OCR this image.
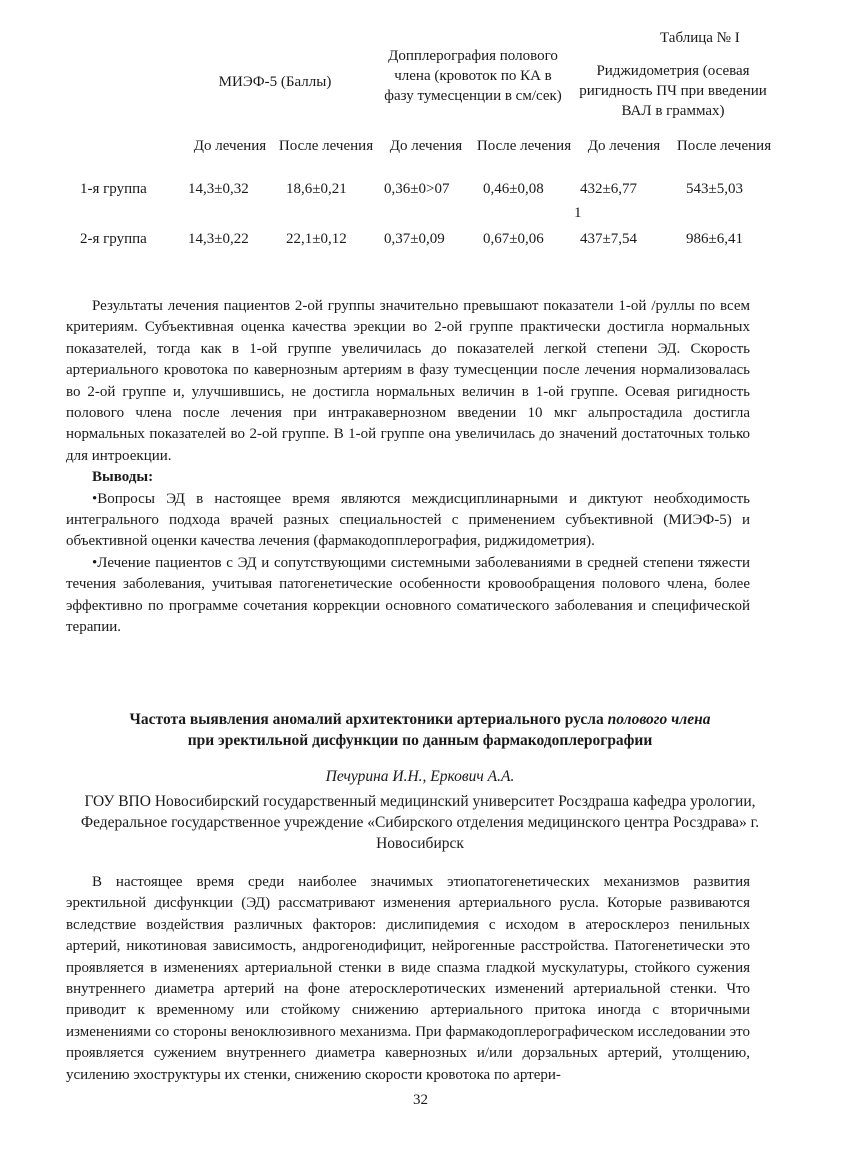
Таблица № I
МИЭФ-5 (Баллы)
Допплерография полового члена (кровоток по КА в фазу тумесценции в см/сек)
Риджидометрия (осевая ригидность ПЧ при введении ВАЛ в граммах)
До лечения После лечения	До лечения После лечения	До лечения	После лечения
1-я группа	14,3±0,32 18,6±0,21 0,36±0>07 0,46±0,08 432±6,77	543±5,03
1
2-я группа	14,3±0,22 22,1±0,12 0,37±0,09	0,67±0,06 437±7,54	986±6,41

Результаты лечения пациентов 2-ой группы значительно превышают показатели 1-ой /руллы по всем критериям. Субъективная оценка качества эрекции во 2-ой группе практически достигла нормальных показателей, тогда как в 1-ой группе увеличилась до показателей легкой степени ЭД. Скорость артериального кровотока по кавернозным артериям в фазу тумесценции после лечения нормализовалась во 2-ой группе и, улучшившись, не достигла нормальных величин в 1-ой группе. Осевая ригидность полового члена после лечения при интракавернозном введении 10 мкг альпростадила достигла нормальных показателей во 2-ой группе. В 1-ой группе она увеличилась до значений достаточных только для интроекции.

Выводы:

•Вопросы ЭД в настоящее время являются междисциплинарными и диктуют необходимость интегрального подхода врачей разных специальностей с применением субъективной (МИЭФ-5) и объективной оценки качества лечения (фармакодопплерография, риджидометрия).

•Лечение пациентов с ЭД и сопутствующими системными заболеваниями в средней степени тяжести течения заболевания, учитывая патогенетические особенности кровообращения полового члена, более эффективно по программе сочетания коррекции основного соматического заболевания и специфической терапии.

Частота выявления аномалий архитектоники артериального русла полового члена
при эректильной дисфункции по данным фармакодоплерографии
Печурина И.Н., Еркович А.А.
ГОУ ВПО Новосибирский государственный медицинский университет Росздраша кафедра урологии, Федеральное государственное учреждение «Сибирского отделения медицинского центра Росздрава» г. Новосибирск

В настоящее время среди наиболее значимых этиопатогенетических механизмов развития эректильной дисфункции (ЭД) рассматривают изменения артериального русла. Которые развиваются вследствие воздействия различных факторов: дислипидемия с исходом в атеросклероз пенильных артерий, никотиновая зависимость, андрогенодифицит, нейрогенные расстройства. Патогенетически это проявляется в изменениях артериальной стенки в виде спазма гладкой мускулатуры, стойкого сужения внутреннего диаметра артерий на фоне атеросклеротических изменений артериальной стенки. Что приводит к временному или стойкому снижению артериального притока иногда с вторичными изменениями со стороны веноклюзивного механизма. При фармакодоплерографическом исследовании это проявляется сужением внутреннего диаметра кавернозных и/или дорзальных артерий, утолщению, усилению эхоструктуры их стенки, снижению скорости кровотока по артери-

32
